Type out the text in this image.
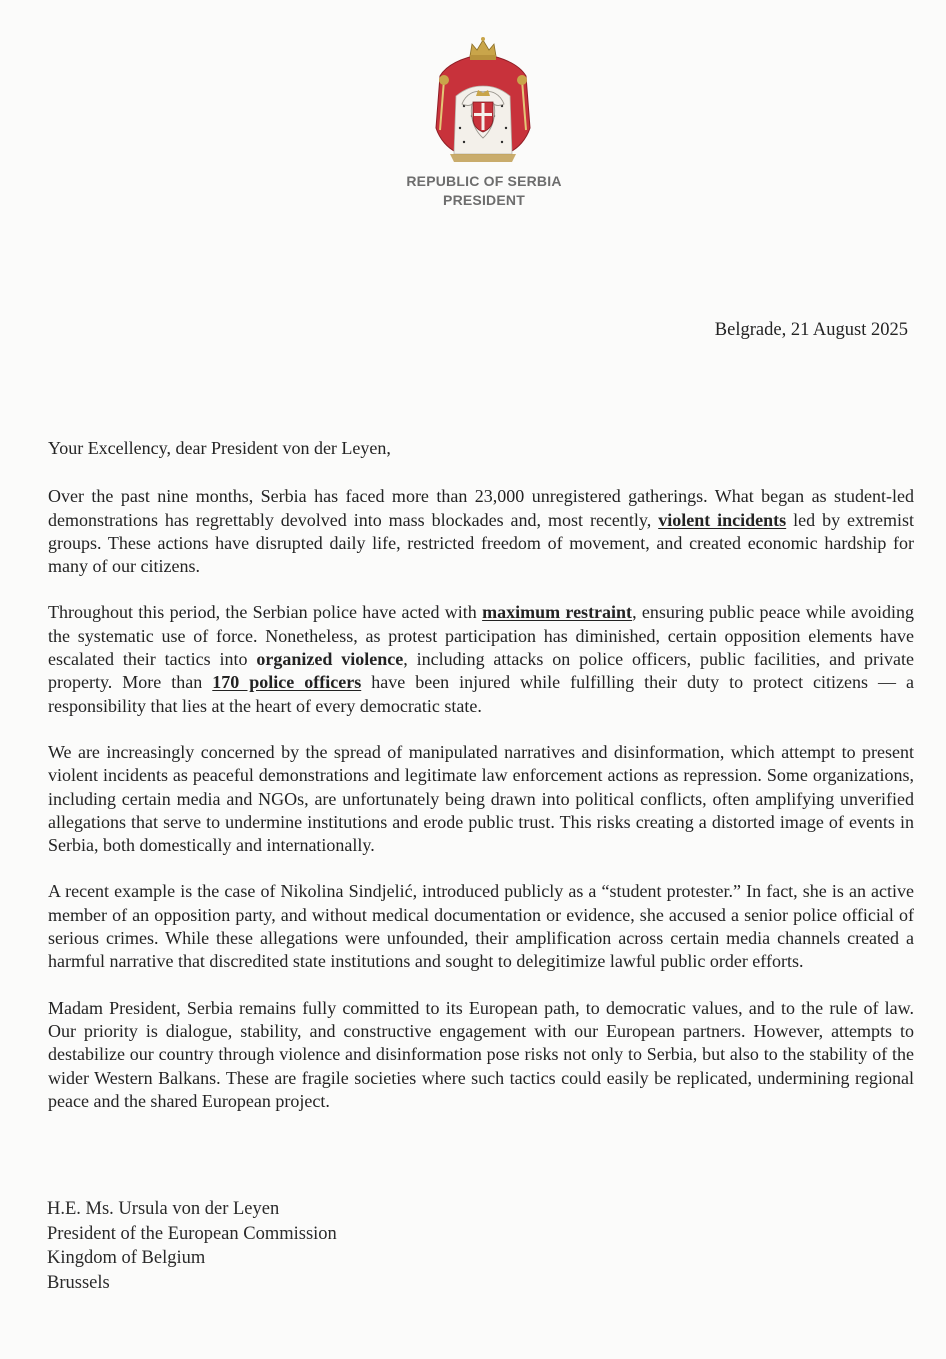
REPUBLIC OF SERBIA
PRESIDENT
Belgrade, 21 August 2025

Your Excellency, dear President von der Leyen,

Over the past nine months, Serbia has faced more than 23,000 unregistered gatherings. What began as student-led demonstrations has regrettably devolved into mass blockades and, most recently, violent incidents led by extremist groups. These actions have disrupted daily life, restricted freedom of movement, and created economic hardship for many of our citizens.

Throughout this period, the Serbian police have acted with maximum restraint, ensuring public peace while avoiding the systematic use of force. Nonetheless, as protest participation has diminished, certain opposition elements have escalated their tactics into organized violence, including attacks on police officers, public facilities, and private property. More than 170 police officers have been injured while fulfilling their duty to protect citizens — a responsibility that lies at the heart of every democratic state.

We are increasingly concerned by the spread of manipulated narratives and disinformation, which attempt to present violent incidents as peaceful demonstrations and legitimate law enforcement actions as repression. Some organizations, including certain media and NGOs, are unfortunately being drawn into political conflicts, often amplifying unverified allegations that serve to undermine institutions and erode public trust. This risks creating a distorted image of events in Serbia, both domestically and internationally.

A recent example is the case of Nikolina Sindjelić, introduced publicly as a “student protester.” In fact, she is an active member of an opposition party, and without medical documentation or evidence, she accused a senior police official of serious crimes. While these allegations were unfounded, their amplification across certain media channels created a harmful narrative that discredited state institutions and sought to delegitimize lawful public order efforts.

Madam President, Serbia remains fully committed to its European path, to democratic values, and to the rule of law. Our priority is dialogue, stability, and constructive engagement with our European partners. However, attempts to destabilize our country through violence and disinformation pose risks not only to Serbia, but also to the stability of the wider Western Balkans. These are fragile societies where such tactics could easily be replicated, undermining regional peace and the shared European project.

H.E. Ms. Ursula von der Leyen
President of the European Commission
Kingdom of Belgium
Brussels
